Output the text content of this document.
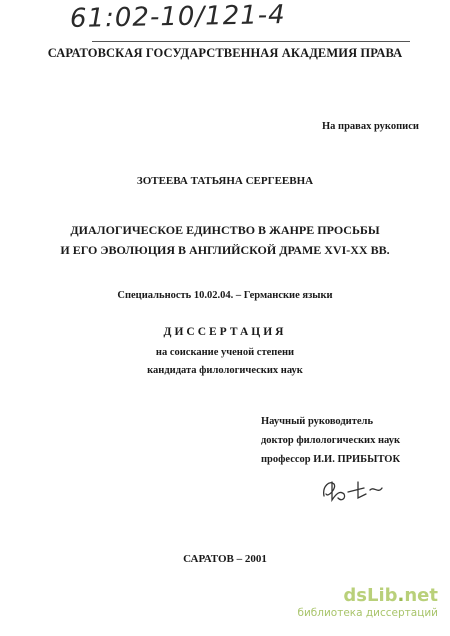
61:02-10/121-4
САРАТОВСКАЯ ГОСУДАРСТВЕННАЯ АКАДЕМИЯ ПРАВА
На правах рукописи
ЗОТЕЕВА ТАТЬЯНА СЕРГЕЕВНА
ДИАЛОГИЧЕСКОЕ ЕДИНСТВО В ЖАНРЕ ПРОСЬБЫ
И ЕГО ЭВОЛЮЦИЯ В АНГЛИЙСКОЙ ДРАМЕ XVI-XX ВВ.
Специальность 10.02.04. – Германские языки
ДИССЕРТАЦИЯ
на соискание ученой степени
кандидата филологических наук
Научный руководитель
доктор филологических наук
профессор И.И. ПРИБЫТОК
САРАТОВ – 2001
dsLib.net
библиотека диссертаций
